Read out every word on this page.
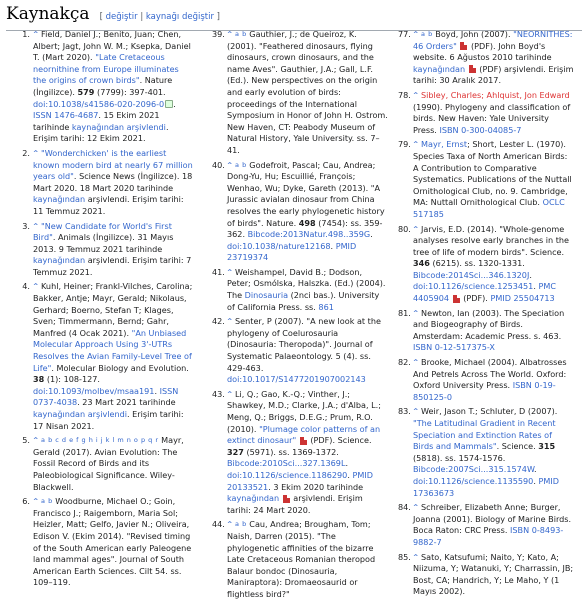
Kaynakça [ değiştir | kaynağı değiştir ]
1. ^ Field, Daniel J.; Benito, Juan; Chen, Albert; Jagt, John W. M.; Ksepka, Daniel T. (Mart 2020). "Late Cretaceous neornithine from Europe illuminates the origins of crown birds". Nature (İngilizce). 579 (7799): 397-401. doi:10.1038/s41586-020-2096-0 . ISSN 1476-4687. 15 Ekim 2021 tarihinde kaynağından arşivlendi. Erişim tarihi: 12 Ekim 2021.
2. ^ "Wonderchicken' is the earliest known modern bird at nearly 67 million years old". Science News (İngilizce). 18 Mart 2020. 18 Mart 2020 tarihinde kaynağından arşivlendi. Erişim tarihi: 11 Temmuz 2021.
3. ^ "New Candidate for World's First Bird". Animals (İngilizce). 31 Mayıs 2013. 9 Temmuz 2021 tarihinde kaynağından arşivlendi. Erişim tarihi: 7 Temmuz 2021.
4. ^ Kuhl, Heiner; Frankl-Vilches, Carolina; Bakker, Antje; Mayr, Gerald; Nikolaus, Gerhard; Boerno, Stefan T; Klages, Sven; Timmermann, Bernd; Gahr, Manfred (4 Ocak 2021). "An Unbiased Molecular Approach Using 3'-UTRs Resolves the Avian Family-Level Tree of Life". Molecular Biology and Evolution. 38 (1): 108-127. doi:10.1093/molbev/msaa191. ISSN 0737-4038. 23 Mart 2021 tarihinde kaynağından arşivlendi. Erişim tarihi: 17 Nisan 2021.
5. ^ $^{a b c d e f g h i j k l m n o p q r}$ Mayr, Gerald (2017). Avian Evolution: The Fossil Record of Birds and its Paleobiological Significance. Wiley-Blackwell.
6. ^ $^{a b}$ Woodburne, Michael O.; Goin, Francisco J.; Raigemborn, Maria Sol; Heizler, Matt; Gelfo, Javier N.; Oliveira, Edison V. (Ekim 2014). "Revised timing of the South American early Paleogene land mammal ages". Journal of South American Earth Sciences. Cilt 54. ss. 109–119.
39. ^ $^{a b}$ Gauthier, J.; de Queiroz, K. (2001). "Feathered dinosaurs, flying dinosaurs, crown dinosaurs, and the name Aves". Gauthier, J.A.; Gall, L.F. (Ed.). New perspectives on the origin and early evolution of birds: proceedings of the International Symposium in Honor of John H. Ostrom. New Haven, CT: Peabody Museum of Natural History, Yale University. ss. 7–41.
40. ^ $^{a b}$ Godefroit, Pascal; Cau, Andrea; Dong-Yu, Hu; Escuillié, François; Wenhao, Wu; Dyke, Gareth (2013). "A Jurassic avialan dinosaur from China resolves the early phylogenetic history of birds". Nature. 498 (7454): ss. 359-362. Bibcode:2013Natur.498..359G. doi:10.1038/nature12168. PMID 23719374
41. ^ Weishampel, David B.; Dodson, Peter; Osmólska, Halszka. (Ed.) (2004). The Dinosauria (2nci bas.). University of California Press. ss. 861
42. ^ Senter, P (2007). "A new look at the phylogeny of Coelurosauria (Dinosauria: Theropoda)". Journal of Systematic Palaeontology. 5 (4). ss. 429-463. doi:10.1017/S1477201907002143
43. ^ Li, Q.; Gao, K.-Q.; Vinther, J.; Shawkey, M.D.; Clarke, J.A.; d'Alba, L.; Meng, Q.; Briggs, D.E.G.; Prum, R.O. (2010). "Plumage color patterns of an extinct dinosaur" (PDF). Science. 327 (5971). ss. 1369-1372. Bibcode:2010Sci...327.1369L. doi:10.1126/science.1186290. PMID 20133521. 3 Ekim 2020 tarihinde kaynağından arşivlendi. Erişim tarihi: 24 Mart 2020.
44. ^ $^{a b}$ Cau, Andrea; Brougham, Tom; Naish, Darren (2015). "The phylogenetic affinities of the bizarre Late Cretaceous Romanian theropod Balaur bondoc (Dinosauria, Maniraptora): Dromaeosaurid or flightless bird?"
77. ^ $^{a b}$ Boyd, John (2007). "NEORNITHES: 46 Orders" (PDF). John Boyd's website. 6 Ağustos 2010 tarihinde kaynağından (PDF) arşivlendi. Erişim tarihi: 30 Aralık 2017.
78. ^ Sibley, Charles; Ahlquist, Jon Edward (1990). Phylogeny and classification of birds. New Haven: Yale University Press. ISBN 0-300-04085-7
79. ^ Mayr, Ernst; Short, Lester L. (1970). Species Taxa of North American Birds: A Contribution to Comparative Systematics. Publications of the Nuttall Ornithological Club, no. 9. Cambridge, MA: Nuttall Ornithological Club. OCLC 517185
80. ^ Jarvis, E.D. (2014). "Whole-genome analyses resolve early branches in the tree of life of modern birds". Science. 346 (6215). ss. 1320-1331. Bibcode:2014Sci...346.1320J. doi:10.1126/science.1253451. PMC 4405904 (PDF). PMID 25504713
81. ^ Newton, Ian (2003). The Speciation and Biogeography of Birds. Amsterdam: Academic Press. s. 463. ISBN 0-12-517375-X
82. ^ Brooke, Michael (2004). Albatrosses And Petrels Across The World. Oxford: Oxford University Press. ISBN 0-19-850125-0
83. ^ Weir, Jason T.; Schluter, D (2007). "The Latitudinal Gradient in Recent Speciation and Extinction Rates of Birds and Mammals". Science. 315 (5818). ss. 1574-1576. Bibcode:2007Sci...315.1574W. doi:10.1126/science.1135590. PMID 17363673
84. ^ Schreiber, Elizabeth Anne; Burger, Joanna (2001). Biology of Marine Birds. Boca Raton: CRC Press. ISBN 0-8493-9882-7
85. ^ Sato, Katsufumi; Naito, Y; Kato, A; Niizuma, Y; Watanuki, Y; Charrassin, JB; Bost, CA; Handrich, Y; Le Maho, Y (1 Mayıs 2002).
